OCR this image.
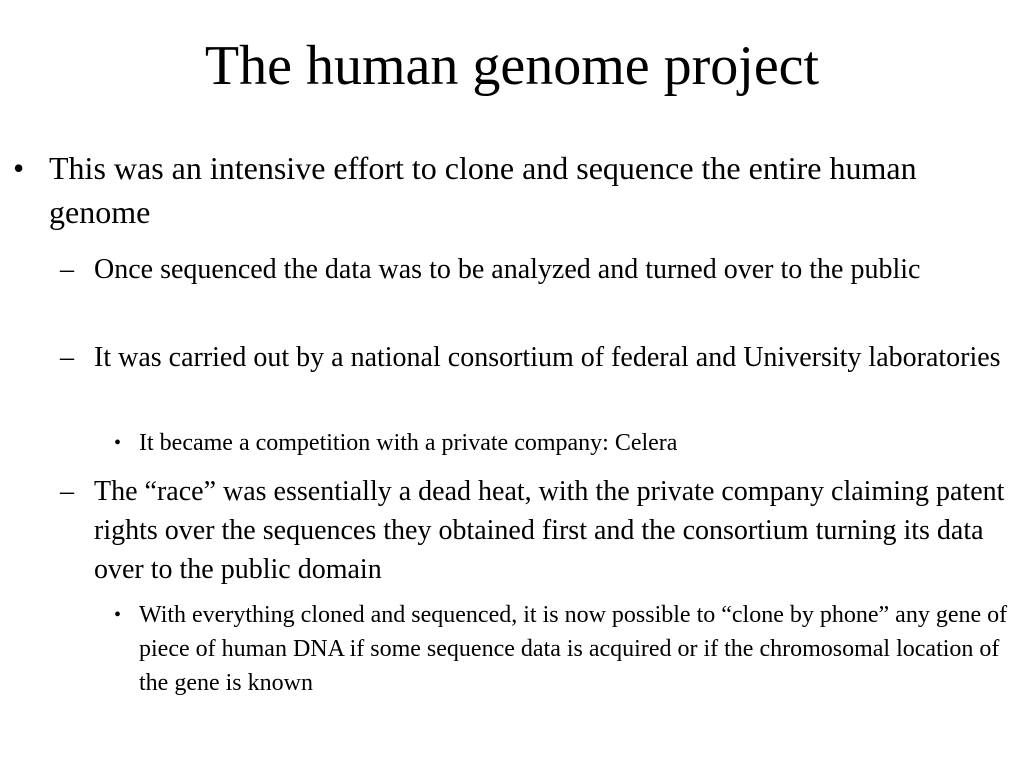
The human genome project
• This was an intensive effort to clone and sequence the entire human genome
– Once sequenced the data was to be analyzed and turned over to the public
– It was carried out by a national consortium of federal and University laboratories
• It became a competition with a private company: Celera
– The “race” was essentially a dead heat, with the private company claiming patent rights over the sequences they obtained first and the consortium turning its data over to the public domain
• With everything cloned and sequenced, it is now possible to “clone by phone” any gene of piece of human DNA if some sequence data is acquired or if the chromosomal location of the gene is known
